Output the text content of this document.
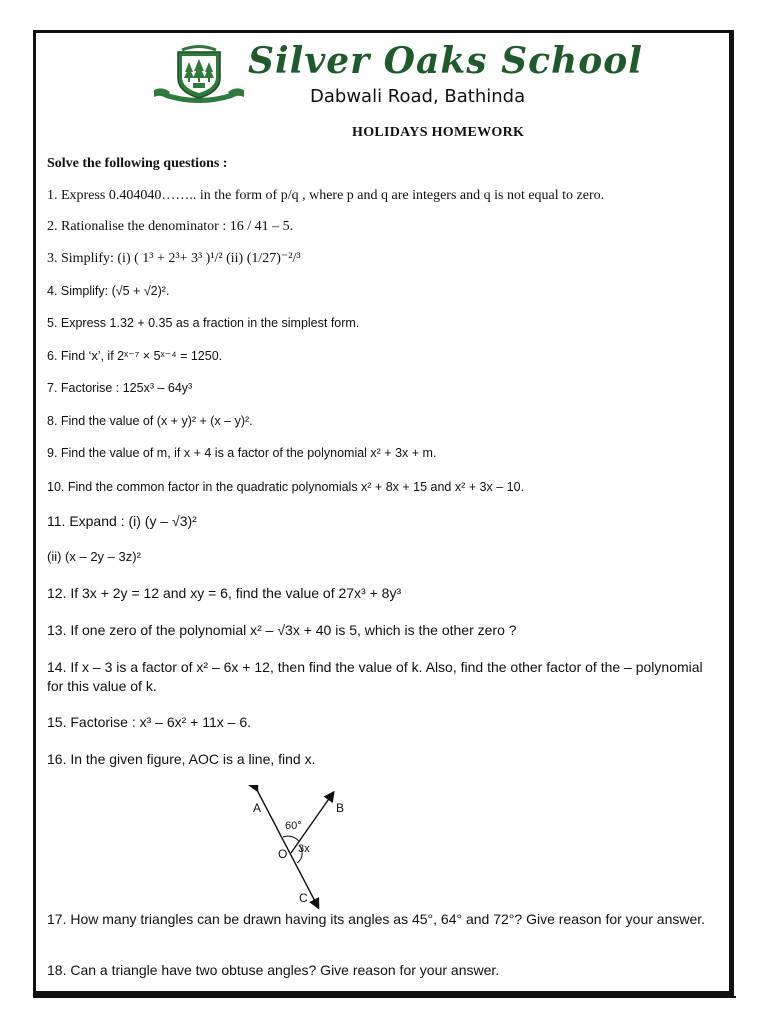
Silver Oaks School
Dabwali Road, Bathinda
HOLIDAYS HOMEWORK
Solve the following questions :
1. Express 0.404040…….. in the form of p/q , where p and q are integers and q is not equal to zero.
2. Rationalise the denominator : 16 / 41 – 5.
3. Simplify: (i) ( 1³ + 2³+ 3³ )¹/² (ii) (1/27)⁻²/³
4. Simplify: (√5 + √2)².
5. Express 1.32 + 0.35 as a fraction in the simplest form.
6. Find ‘x’, if 2ˣ⁻⁷ × 5ˣ⁻⁴ = 1250.
7. Factorise : 125x³ – 64y³
8. Find the value of (x + y)² + (x – y)².
9. Find the value of m, if x + 4 is a factor of the polynomial x² + 3x + m.
10. Find the common factor in the quadratic polynomials x² + 8x + 15 and x² + 3x – 10.
11. Expand : (i) (y – √3)²
(ii) (x – 2y – 3z)²
12. If 3x + 2y = 12 and xy = 6, find the value of 27x³ + 8y³
13. If one zero of the polynomial x² – √3x + 40 is 5, which is the other zero ?
14. If x – 3 is a factor of x² – 6x + 12, then find the value of k. Also, find the other factor of the – polynomial for this value of k.
15. Factorise : x³ – 6x² + 11x – 6.
16. In the given figure, AOC is a line, find x.
A	B
C
O
60°
3x
17. How many triangles can be drawn having its angles as 45°, 64° and 72°? Give reason for your answer.
18. Can a triangle have two obtuse angles? Give reason for your answer.
